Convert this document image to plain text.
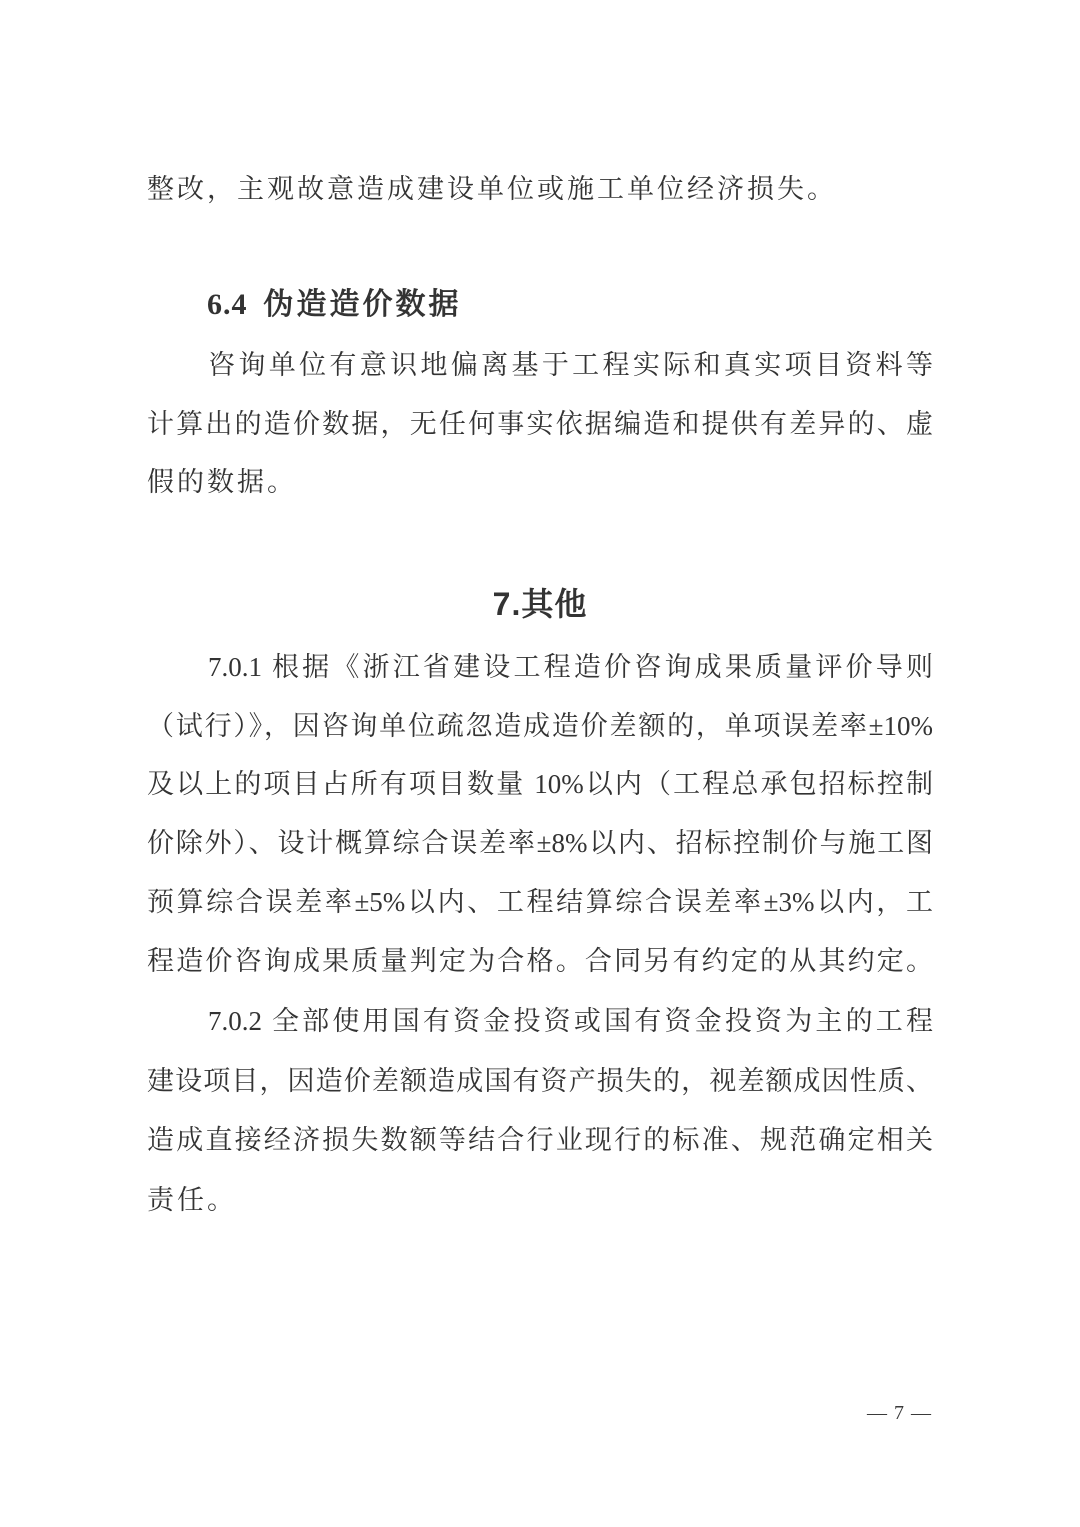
整改，主观故意造成建设单位或施工单位经济损失。
6.4 伪造造价数据
咨询单位有意识地偏离基于工程实际和真实项目资料等
计算出的造价数据，无任何事实依据编造和提供有差异的、虚
假的数据。
7.其他
7.0.1 根据《浙江省建设工程造价咨询成果质量评价导则
（试行）》，因咨询单位疏忽造成造价差额的，单项误差率±10%
及以上的项目占所有项目数量 10%以内（工程总承包招标控制
价除外）、设计概算综合误差率±8%以内、招标控制价与施工图
预算综合误差率±5%以内、工程结算综合误差率±3%以内，工
程造价咨询成果质量判定为合格。合同另有约定的从其约定。
7.0.2 全部使用国有资金投资或国有资金投资为主的工程
建设项目，因造价差额造成国有资产损失的，视差额成因性质、
造成直接经济损失数额等结合行业现行的标准、规范确定相关
责任。
— 7 —
